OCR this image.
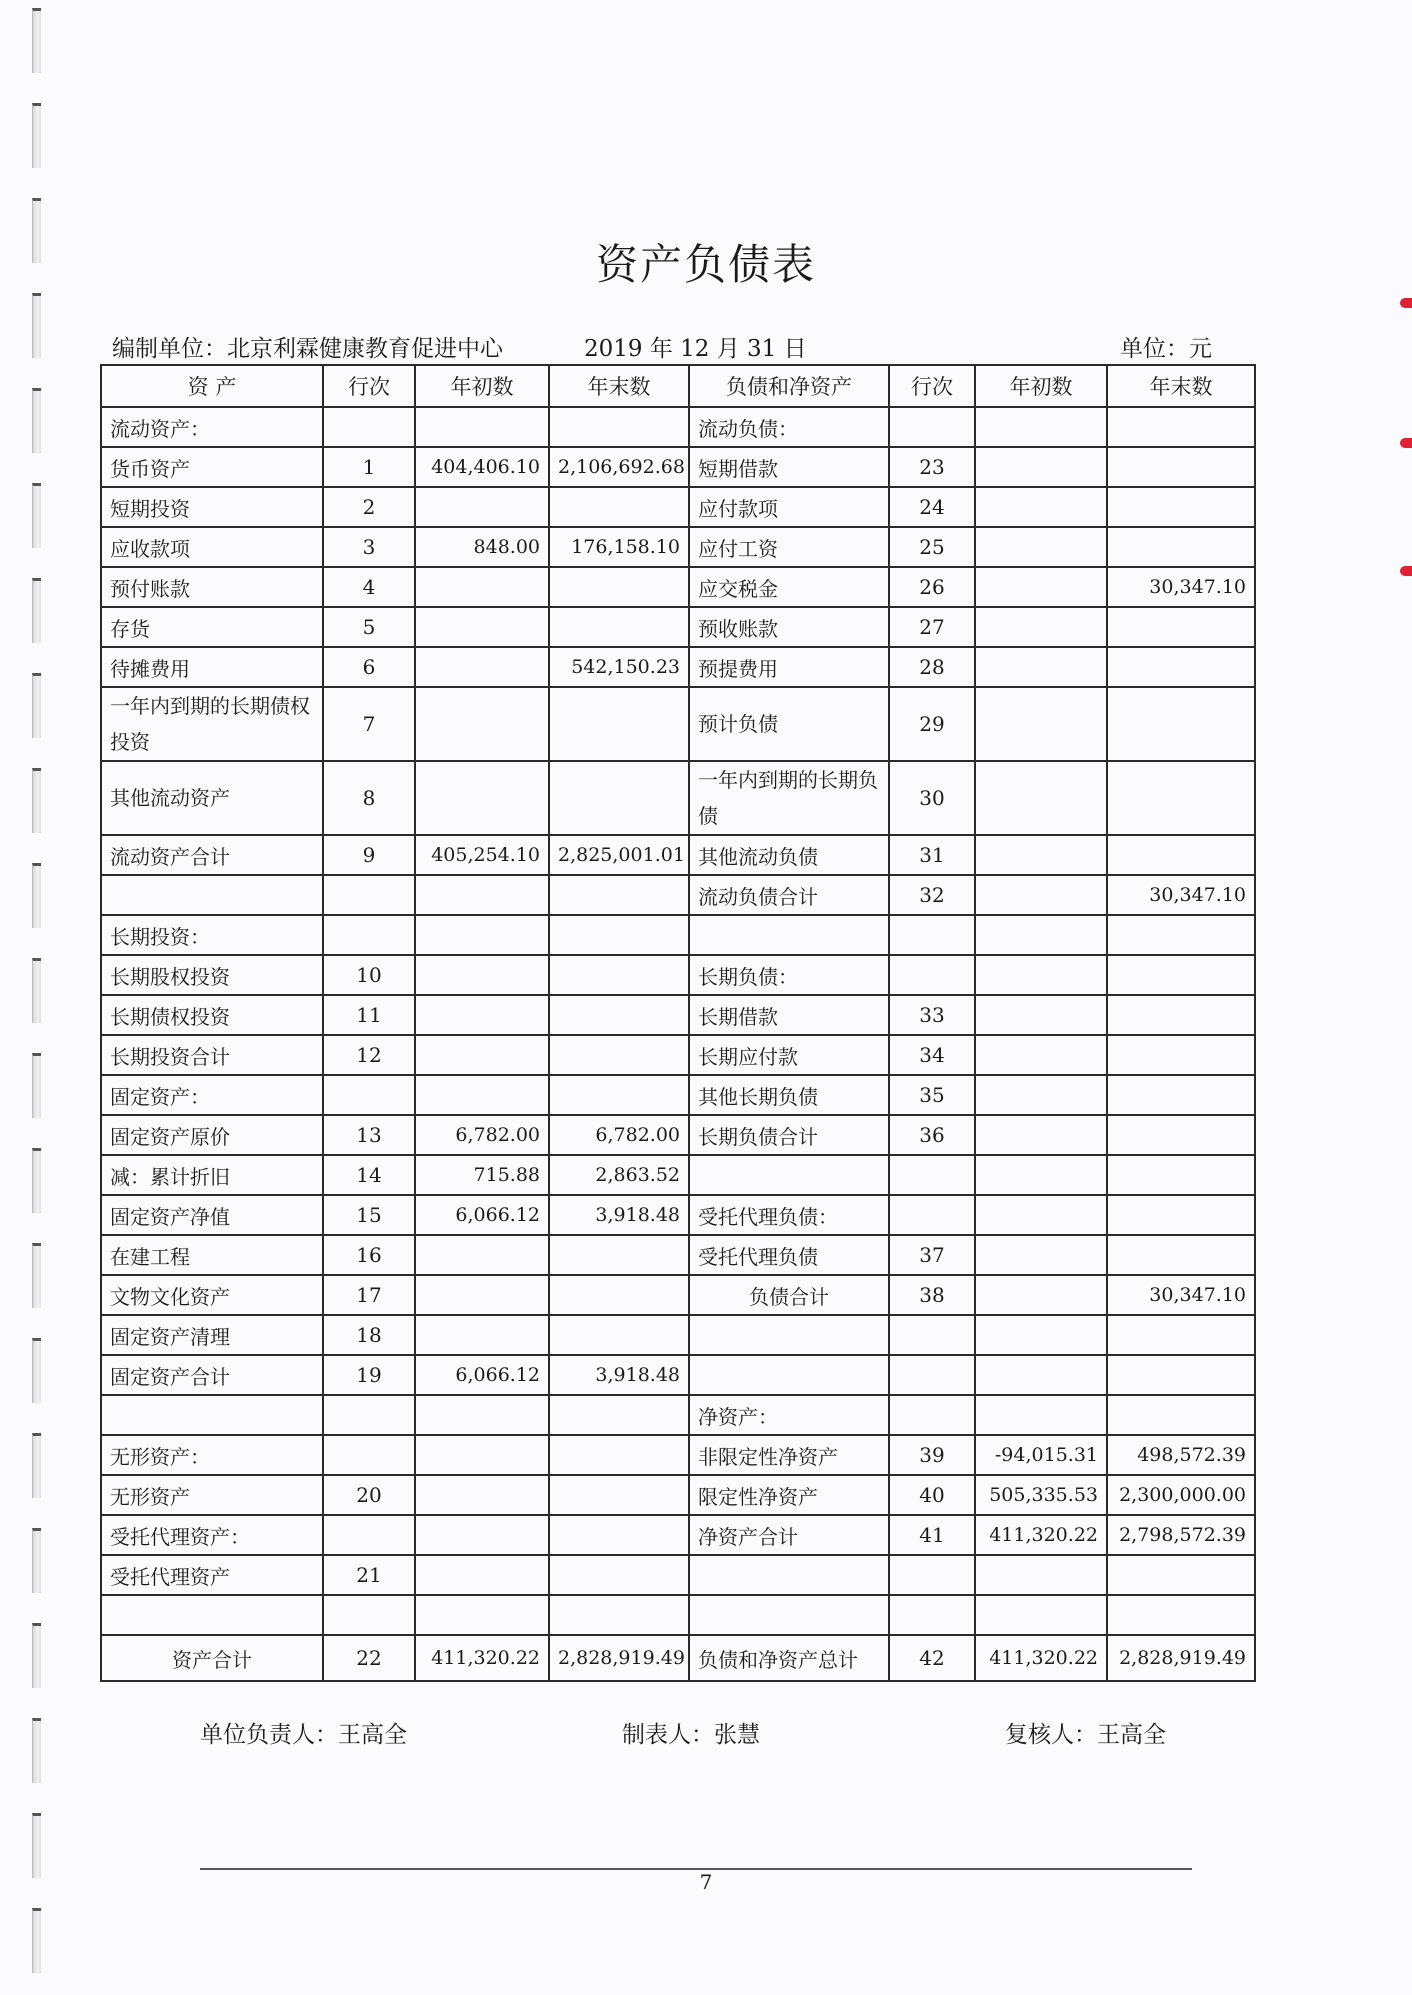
资产负债表
编制单位：北京利霖健康教育促进中心	2019 年 12 月 31 日	单位：元
资 产	行次	年初数	年末数	负债和净资产	行次	年初数	年末数
流动资产：				流动负债：			
货币资产	1	404,406.10	2,106,692.68	短期借款	23		
短期投资	2			应付款项	24		
应收款项	3	848.00	176,158.10	应付工资	25		
预付账款	4			应交税金	26		30,347.10
存货	5			预收账款	27		
待摊费用	6		542,150.23	预提费用	28		
一年内到期的长期债权投资	7			预计负债	29		
其他流动资产	8			一年内到期的长期负债	30		
流动资产合计	9	405,254.10	2,825,001.01	其他流动负债	31		
				流动负债合计	32		30,347.10
长期投资：							
长期股权投资	10			长期负债：			
长期债权投资	11			长期借款	33		
长期投资合计	12			长期应付款	34		
固定资产：				其他长期负债	35		
固定资产原价	13	6,782.00	6,782.00	长期负债合计	36		
减：累计折旧	14	715.88	2,863.52				
固定资产净值	15	6,066.12	3,918.48	受托代理负债：			
在建工程	16			受托代理负债	37		
文物文化资产	17			负债合计	38		30,347.10
固定资产清理	18						
固定资产合计	19	6,066.12	3,918.48				
				净资产：			
无形资产：				非限定性净资产	39	-94,015.31	498,572.39
无形资产	20			限定性净资产	40	505,335.53	2,300,000.00
受托代理资产：				净资产合计	41	411,320.22	2,798,572.39
受托代理资产	21						

资产合计	22	411,320.22	2,828,919.49	负债和净资产总计	42	411,320.22	2,828,919.49
单位负责人：王高全	制表人：张慧	复核人：王高全
7
